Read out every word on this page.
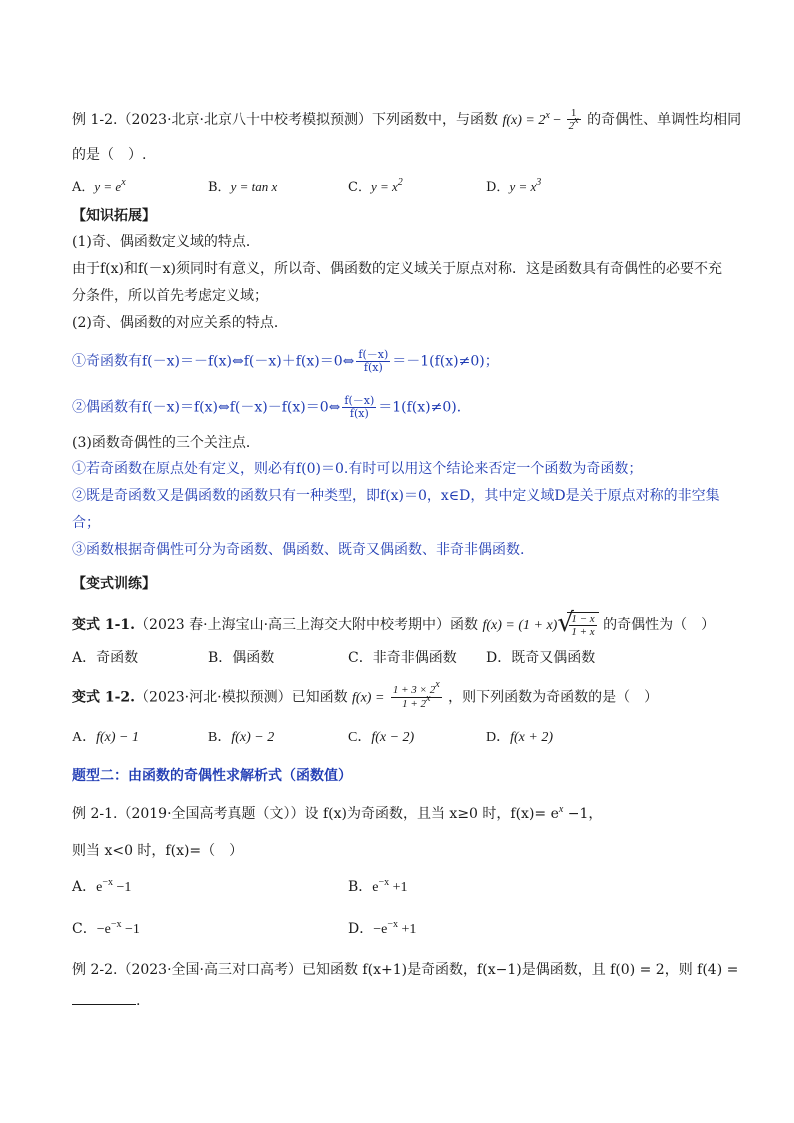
例 1-2.（2023·北京·北京八十中校考模拟预测）下列函数中，与函数 $f(x) = 2^x - \frac{1}{2x}$ 的奇偶性、单调性均相同
的是（　）.
A．$y = e^x$	B．y = tan x	C．$y = x^2$	D．$y = x^3$
【知识拓展】
(1)奇、偶函数定义域的特点．
由于f(x)和f(－x)须同时有意义，所以奇、偶函数的定义域关于原点对称．这是函数具有奇偶性的必要不充
分条件，所以首先考虑定义域；
(2)奇、偶函数的对应关系的特点．
①奇函数有f(－x)＝－f(x)⇔f(－x)＋f(x)＝0⇔ $\frac{f(-x)}{f(x)} =-1(f(x)\ne 0)$；
②偶函数有f(－x)＝f(x)⇔f(－x)－f(x)＝0⇔ $\frac{f(-x)}{f(x)} =1(f(x)\ne 0)$．
(3)函数奇偶性的三个关注点．
①若奇函数在原点处有定义，则必有f(0)＝0.有时可以用这个结论来否定一个函数为奇函数；
②既是奇函数又是偶函数的函数只有一种类型，即f(x)＝0，x∈D，其中定义域D是关于原点对称的非空集
合；
③函数根据奇偶性可分为奇函数、偶函数、既奇又偶函数、非奇非偶函数.
【变式训练】
变式 1-1.（2023 春·上海宝山·高三上海交大附中校考期中）函数 f(x) = (1 + x) √
$\frac{1 - x}{1 + x}$ 的奇偶性为（　）
A．奇函数	B．偶函数	C．非奇非偶函数 D．既奇又偶函数
变式 1-2.（2023·河北·模拟预测）已知函数 $f(x) = \frac{1 + 3 \times 2x}{1 + 2x}$ ，则下列函数为奇函数的是（　）
A．f(x) − 1	B．f(x) − 2	C．f(x − 2)	D．f(x + 2)
题型二：由函数的奇偶性求解析式（函数值）
例 2-1.（2019·全国高考真题（文））设 f(x)为奇函数，且当 x≥0 时，$f(x)= e^x -1$，
则当 x<0 时，f(x)=（　）
A．$e^{-x} -1$	B．$e^{-x} +1$
C．$-e^{-x} -1$	D．$-e^{-x} +1$
例 2-2.（2023·全国·高三对口高考）已知函数 f(x+1)是奇函数，f(x−1)是偶函数，且 f(0) = 2，则 f(4) =
.
